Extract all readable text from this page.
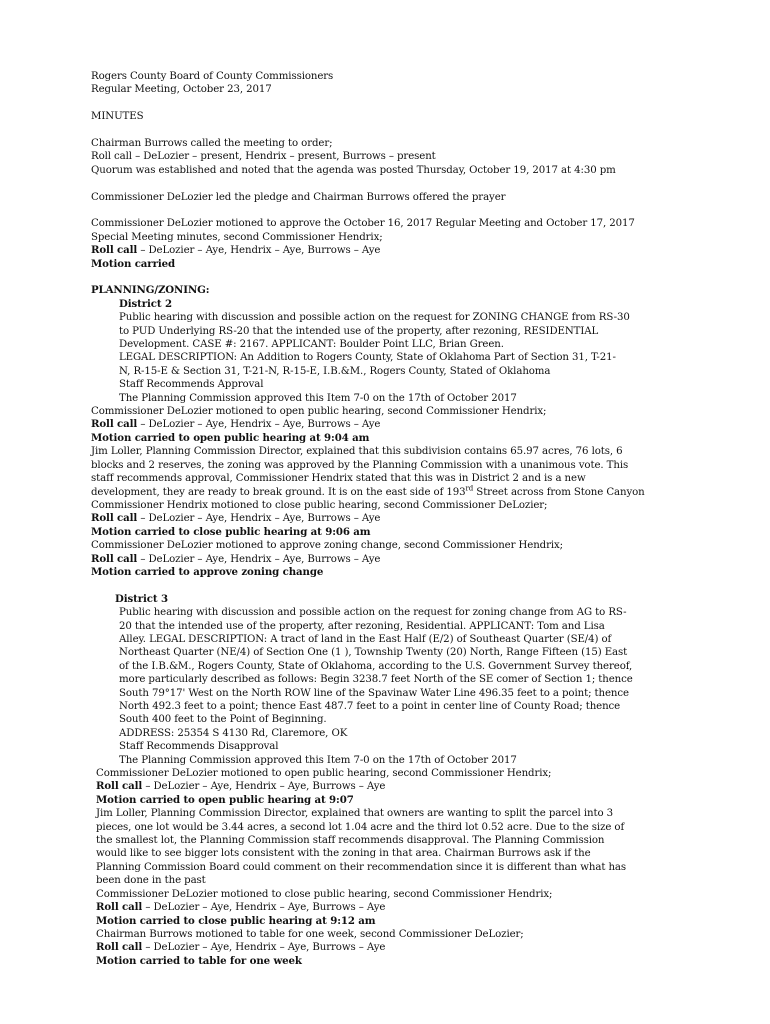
Rogers County Board of County Commissioners
Regular Meeting, October 23, 2017
MINUTES
Chairman Burrows called the meeting to order;
Roll call – DeLozier – present, Hendrix – present, Burrows – present
Quorum was established and noted that the agenda was posted Thursday, October 19, 2017 at 4:30 pm
Commissioner DeLozier led the pledge and Chairman Burrows offered the prayer
Commissioner DeLozier motioned to approve the October 16, 2017 Regular Meeting and October 17, 2017
Special Meeting minutes, second Commissioner Hendrix;
Roll call – DeLozier – Aye, Hendrix – Aye, Burrows – Aye
Motion carried
PLANNING/ZONING:
District 2
Public hearing with discussion and possible action on the request for ZONING CHANGE from RS-30
to PUD Underlying RS-20 that the intended use of the property, after rezoning, RESIDENTIAL
Development. CASE #: 2167. APPLICANT: Boulder Point LLC, Brian Green.
LEGAL DESCRIPTION: An Addition to Rogers County, State of Oklahoma Part of Section 31, T-21-
N, R-15-E & Section 31, T-21-N, R-15-E, I.B.&M., Rogers County, Stated of Oklahoma
Staff Recommends Approval
The Planning Commission approved this Item 7-0 on the 17th of October 2017
Commissioner DeLozier motioned to open public hearing, second Commissioner Hendrix;
Roll call – DeLozier – Aye, Hendrix – Aye, Burrows – Aye
Motion carried to open public hearing at 9:04 am
Jim Loller, Planning Commission Director, explained that this subdivision contains 65.97 acres, 76 lots, 6
blocks and 2 reserves, the zoning was approved by the Planning Commission with a unanimous vote. This
staff recommends approval, Commissioner Hendrix stated that this was in District 2 and is a new
development, they are ready to break ground. It is on the east side of 193rd Street across from Stone Canyon
Commissioner Hendrix motioned to close public hearing, second Commissioner DeLozier;
Roll call – DeLozier – Aye, Hendrix – Aye, Burrows – Aye
Motion carried to close public hearing at 9:06 am
Commissioner DeLozier motioned to approve zoning change, second Commissioner Hendrix;
Roll call – DeLozier – Aye, Hendrix – Aye, Burrows – Aye
Motion carried to approve zoning change
District 3
Public hearing with discussion and possible action on the request for zoning change from AG to RS-
20 that the intended use of the property, after rezoning, Residential. APPLICANT: Tom and Lisa
Alley. LEGAL DESCRIPTION: A tract of land in the East Half (E/2) of Southeast Quarter (SE/4) of
Northeast Quarter (NE/4) of Section One (1 ), Township Twenty (20) North, Range Fifteen (15) East
of the I.B.&M., Rogers County, State of Oklahoma, according to the U.S. Government Survey thereof,
more particularly described as follows: Begin 3238.7 feet North of the SE comer of Section 1; thence
South 79°17' West on the North ROW line of the Spavinaw Water Line 496.35 feet to a point; thence
North 492.3 feet to a point; thence East 487.7 feet to a point in center line of County Road; thence
South 400 feet to the Point of Beginning.
ADDRESS: 25354 S 4130 Rd, Claremore, OK
Staff Recommends Disapproval
The Planning Commission approved this Item 7-0 on the 17th of October 2017
Commissioner DeLozier motioned to open public hearing, second Commissioner Hendrix;
Roll call – DeLozier – Aye, Hendrix – Aye, Burrows – Aye
Motion carried to open public hearing at 9:07
Jim Loller, Planning Commission Director, explained that owners are wanting to split the parcel into 3
pieces, one lot would be 3.44 acres, a second lot 1.04 acre and the third lot 0.52 acre. Due to the size of
the smallest lot, the Planning Commission staff recommends disapproval. The Planning Commission
would like to see bigger lots consistent with the zoning in that area. Chairman Burrows ask if the
Planning Commission Board could comment on their recommendation since it is different than what has
been done in the past
Commissioner DeLozier motioned to close public hearing, second Commissioner Hendrix;
Roll call – DeLozier – Aye, Hendrix – Aye, Burrows – Aye
Motion carried to close public hearing at 9:12 am
Chairman Burrows motioned to table for one week, second Commissioner DeLozier;
Roll call – DeLozier – Aye, Hendrix – Aye, Burrows – Aye
Motion carried to table for one week
